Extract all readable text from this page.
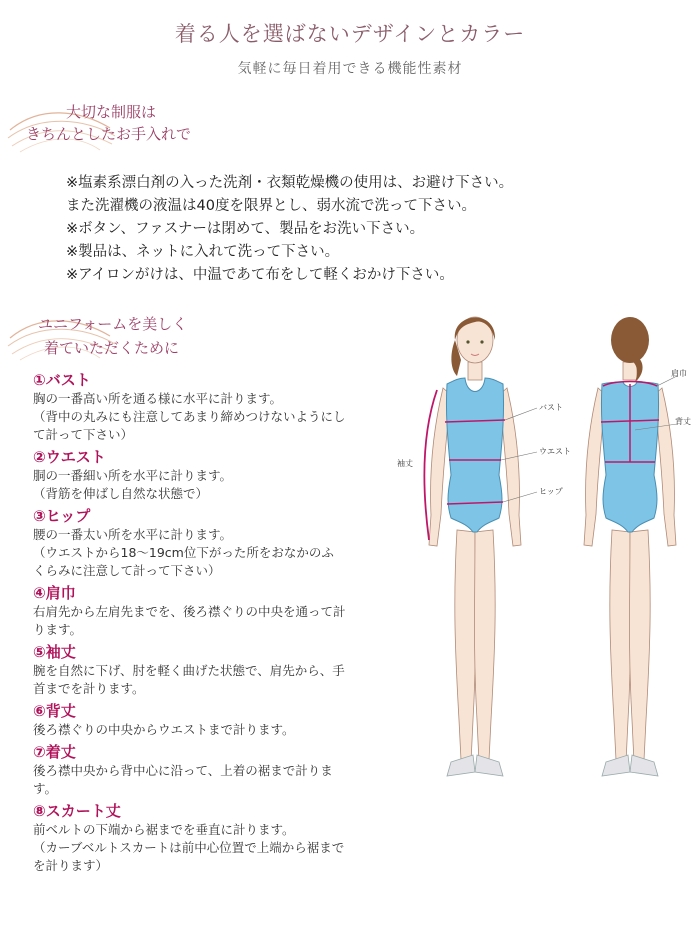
着る人を選ばないデザインとカラー
気軽に毎日着用できる機能性素材
大切な制服は
きちんとしたお手入れで
※塩素系漂白剤の入った洗剤・衣類乾燥機の使用は、お避け下さい。
また洗濯機の液温は40度を限界とし、弱水流で洗って下さい。
※ボタン、ファスナーは閉めて、製品をお洗い下さい。
※製品は、ネットに入れて洗って下さい。
※アイロンがけは、中温であて布をして軽くおかけ下さい。
ユニフォームを美しく
着ていただくために
①バスト
胸の一番高い所を通る様に水平に計ります。
（背中の丸みにも注意してあまり締めつけないようにし
て計って下さい）
②ウエスト
胴の一番細い所を水平に計ります。
（背筋を伸ばし自然な状態で）
③ヒップ
腰の一番太い所を水平に計ります。
（ウエストから18〜19cm位下がった所をおなかのふ
くらみに注意して計って下さい）
④肩巾
右肩先から左肩先までを、後ろ襟ぐりの中央を通って計
ります。
⑤袖丈
腕を自然に下げ、肘を軽く曲げた状態で、肩先から、手
首までを計ります。
⑥背丈
後ろ襟ぐりの中央からウエストまで計ります。
⑦着丈
後ろ襟中央から背中心に沿って、上着の裾まで計りま
す。
⑧スカート丈
前ベルトの下端から裾までを垂直に計ります。
（カーブベルトスカートは前中心位置で上端から裾まで
を計ります）
袖丈
バスト
ウエスト
ヒップ
肩巾
背丈
